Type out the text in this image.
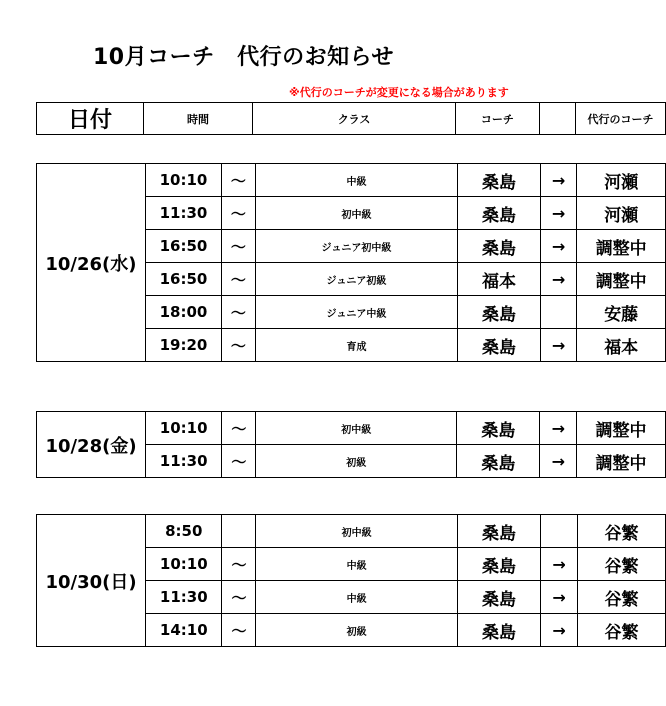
10月コーチ　代行のお知らせ
※代行のコーチが変更になる場合があります
日付	時間	クラス	コーチ		代行のコーチ
10/26(水)	10:10	〜	中級	桑島	→	河瀬
	11:30	〜	初中級	桑島	→	河瀬
	16:50	〜	ジュニア初中級	桑島	→	調整中
	16:50	〜	ジュニア初級	福本	→	調整中
	18:00	〜	ジュニア中級	桑島		安藤
	19:20	〜	育成	桑島	→	福本
10/28(金)	10:10	〜	初中級	桑島	→	調整中
	11:30	〜	初級	桑島	→	調整中
10/30(日)	8:50		初中級	桑島		谷繁
	10:10	〜	中級	桑島	→	谷繁
	11:30	〜	中級	桑島	→	谷繁
	14:10	〜	初級	桑島	→	谷繁
